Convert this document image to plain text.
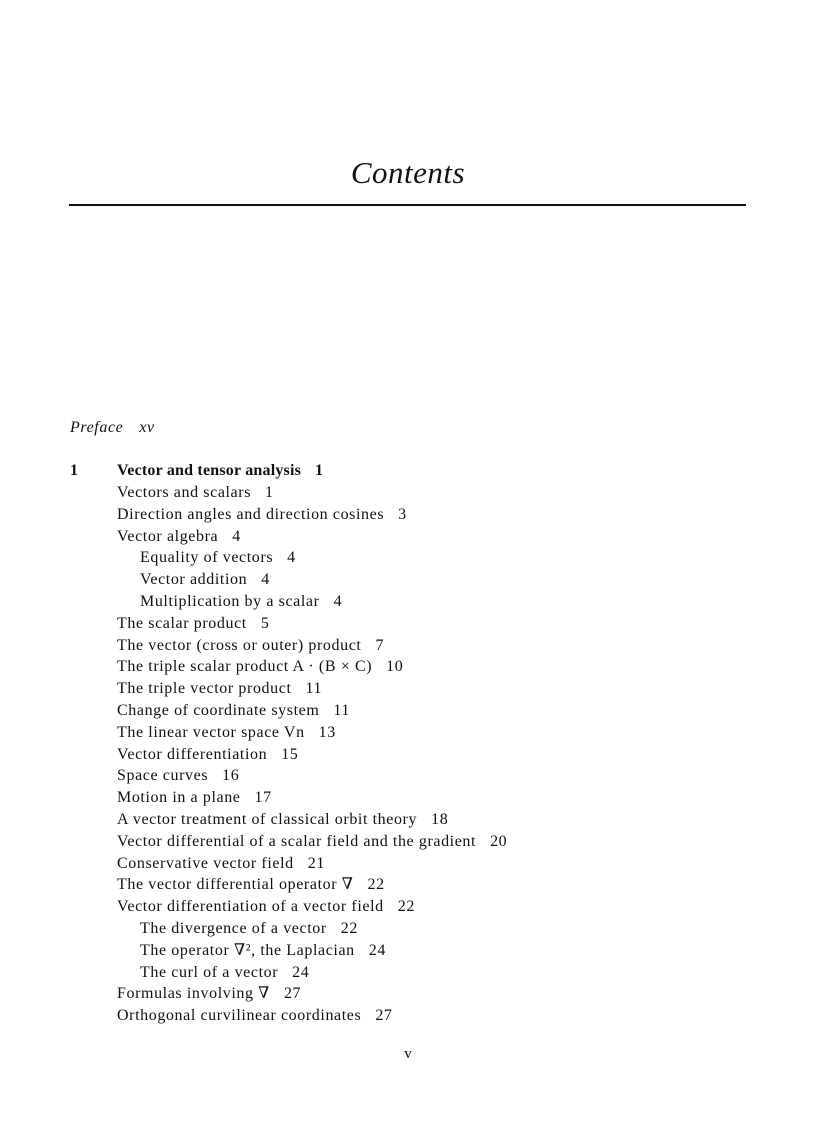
Contents
Preface xv
1 Vector and tensor analysis 1
Vectors and scalars 1
Direction angles and direction cosines 3
Vector algebra 4
Equality of vectors 4
Vector addition 4
Multiplication by a scalar 4
The scalar product 5
The vector (cross or outer) product 7
The triple scalar product A · (B × C) 10
The triple vector product 11
Change of coordinate system 11
The linear vector space Vn 13
Vector differentiation 15
Space curves 16
Motion in a plane 17
A vector treatment of classical orbit theory 18
Vector differential of a scalar field and the gradient 20
Conservative vector field 21
The vector differential operator ∇ 22
Vector differentiation of a vector field 22
The divergence of a vector 22
The operator ∇², the Laplacian 24
The curl of a vector 24
Formulas involving ∇ 27
Orthogonal curvilinear coordinates 27
v
